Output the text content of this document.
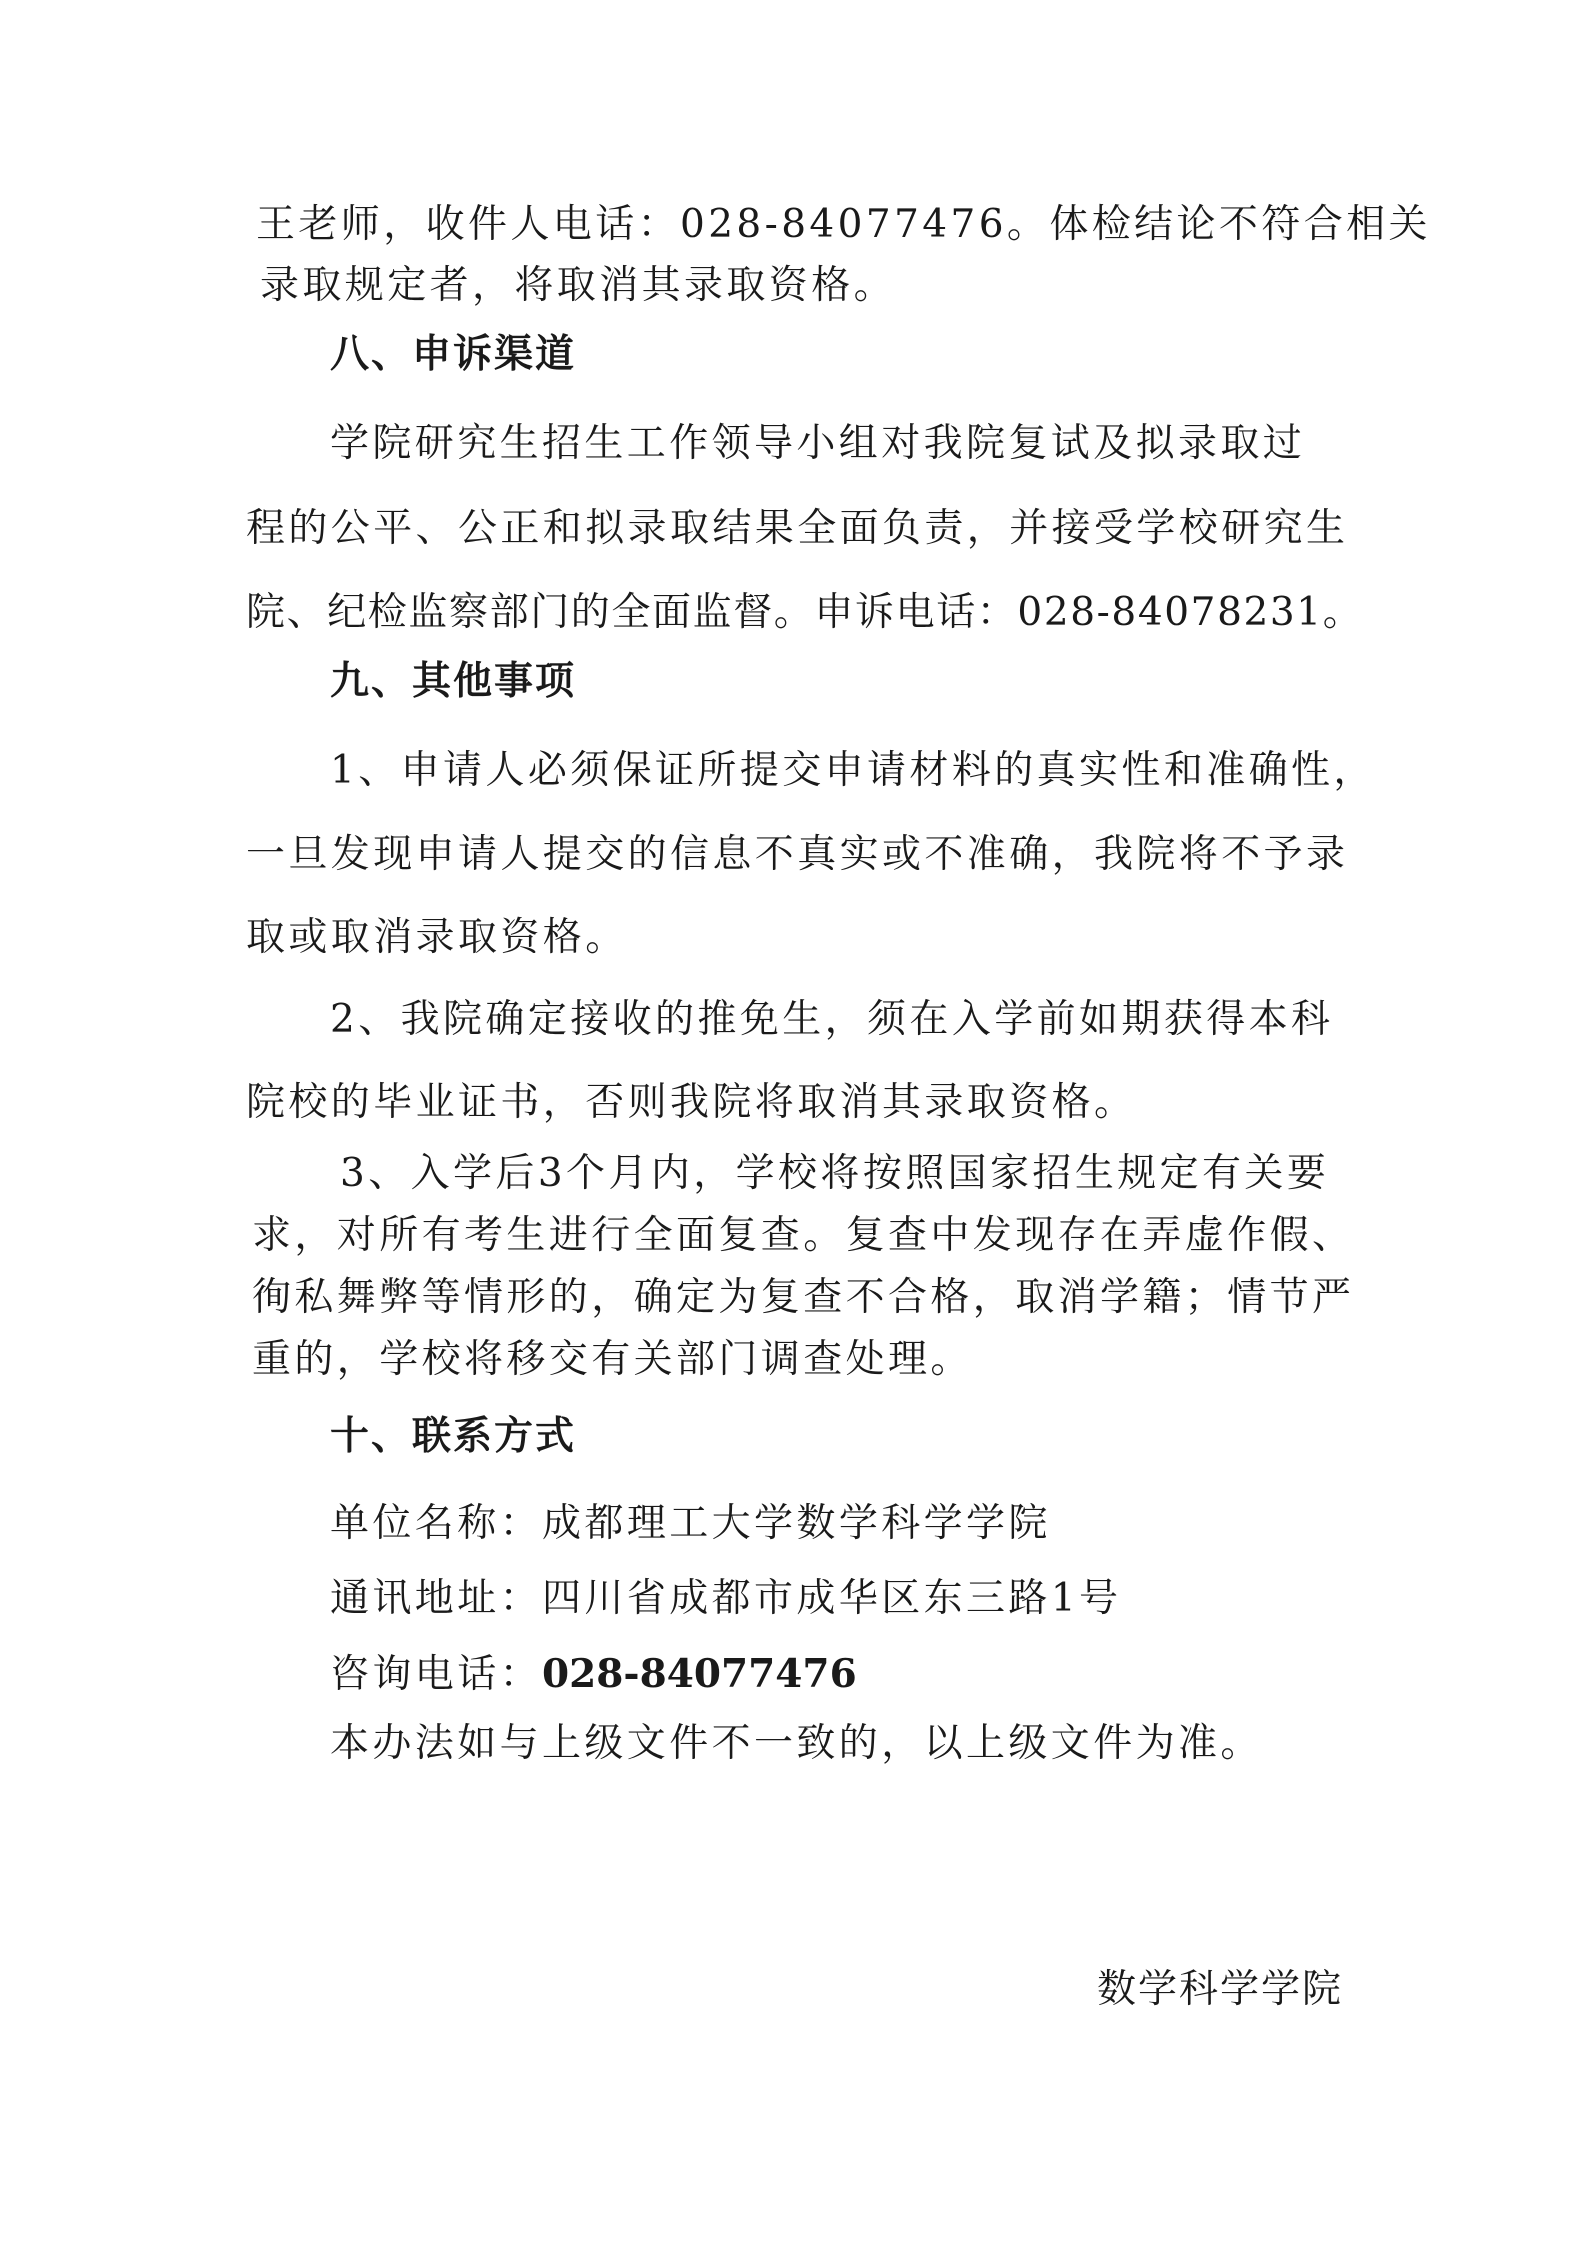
王老师，收件人电话：028-84077476。体检结论不符合相关
录取规定者，将取消其录取资格。
八、申诉渠道
学院研究生招生工作领导小组对我院复试及拟录取过
程的公平、公正和拟录取结果全面负责，并接受学校研究生
院、纪检监察部门的全面监督。申诉电话：028-84078231。
九、其他事项
1、申请人必须保证所提交申请材料的真实性和准确性，
一旦发现申请人提交的信息不真实或不准确，我院将不予录
取或取消录取资格。
2、我院确定接收的推免生，须在入学前如期获得本科
院校的毕业证书，否则我院将取消其录取资格。
3、入学后3个月内，学校将按照国家招生规定有关要
求，对所有考生进行全面复查。复查中发现存在弄虚作假、
徇私舞弊等情形的，确定为复查不合格，取消学籍；情节严
重的，学校将移交有关部门调查处理。
十、联系方式
单位名称：成都理工大学数学科学学院
通讯地址：四川省成都市成华区东三路1号
咨询电话：028-84077476
本办法如与上级文件不一致的，以上级文件为准。
数学科学学院
